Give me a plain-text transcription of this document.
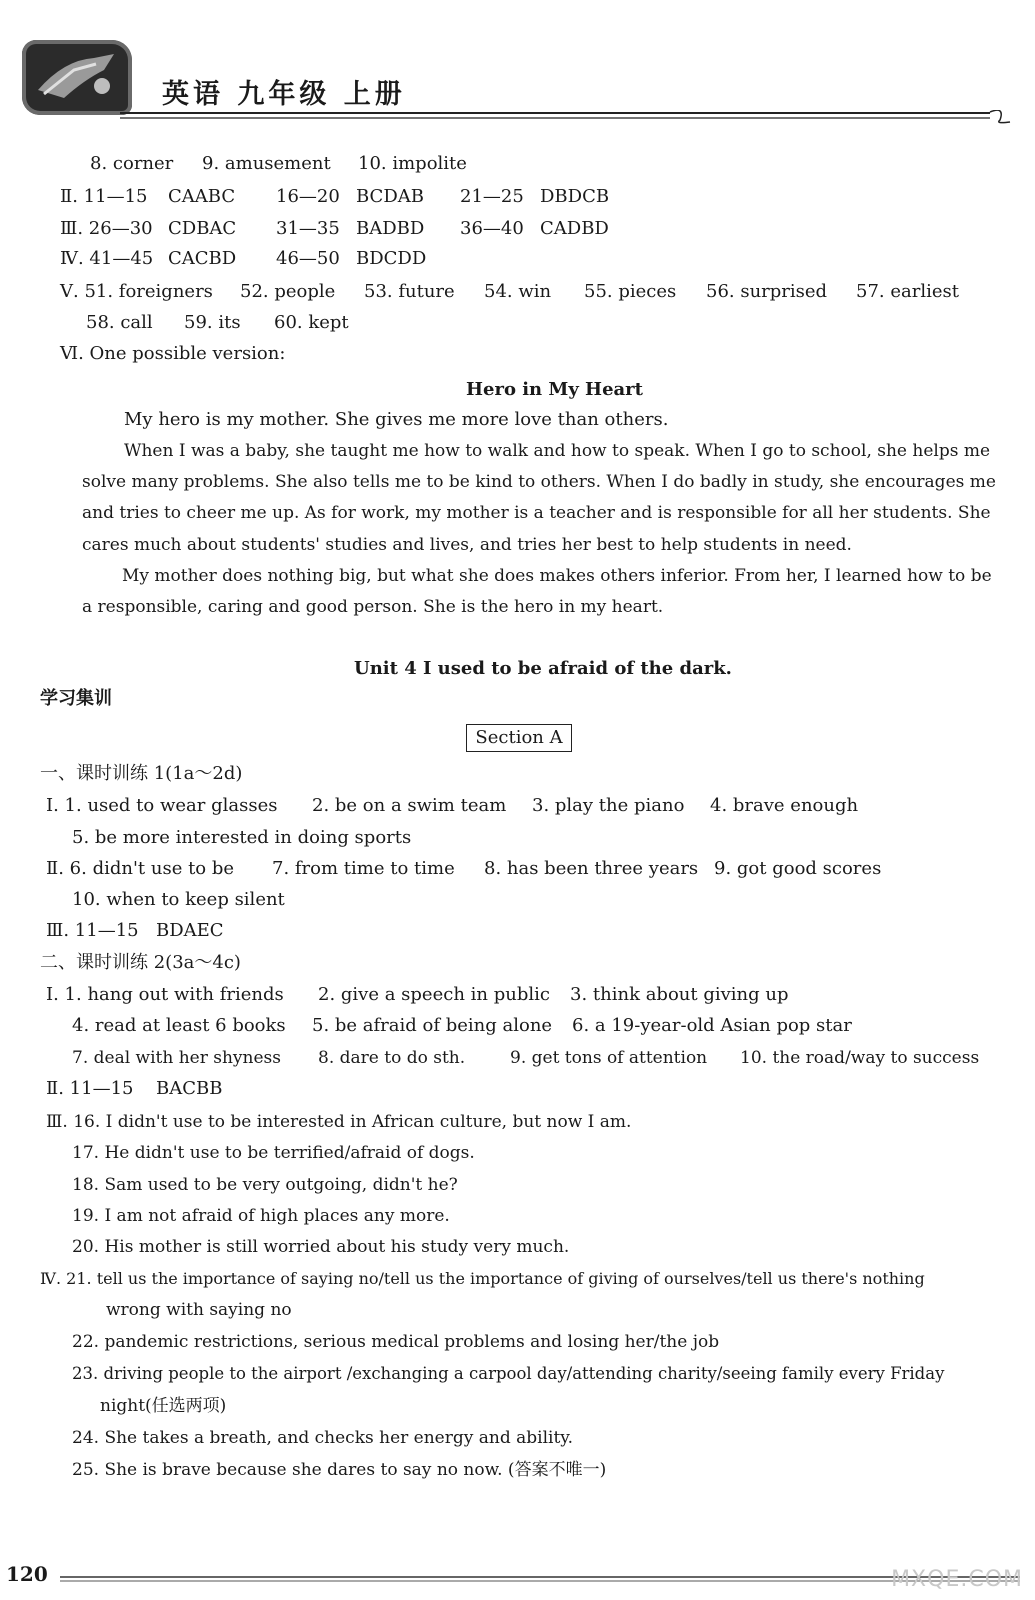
英语 九年级 上册
8. corner 9. amusement 10. impolite
Ⅱ. 11—15 CAABC 16—20 BCDAB 21—25 DBDCB
Ⅲ. 26—30 CDBAC 31—35 BADBD 36—40 CADBD
Ⅳ. 41—45 CACBD 46—50 BDCDD
Ⅴ. 51. foreigners 52. people 53. future 54. win 55. pieces 56. surprised 57. earliest
58. call 59. its 60. kept
Ⅵ. One possible version:
Hero in My Heart
My hero is my mother. She gives me more love than others.
When I was a baby, she taught me how to walk and how to speak. When I go to school, she helps me
solve many problems. She also tells me to be kind to others. When I do badly in study, she encourages me
and tries to cheer me up. As for work, my mother is a teacher and is responsible for all her students. She
cares much about students' studies and lives, and tries her best to help students in need.
My mother does nothing big, but what she does makes others inferior. From her, I learned how to be
a responsible, caring and good person. She is the hero in my heart.
Unit 4 I used to be afraid of the dark.
学习集训
Section A
一、课时训练 1(1a～2d)
Ⅰ. 1. used to wear glasses 2. be on a swim team 3. play the piano 4. brave enough
5. be more interested in doing sports
Ⅱ. 6. didn't use to be 7. from time to time 8. has been three years 9. got good scores
10. when to keep silent
Ⅲ. 11—15 BDAEC
二、课时训练 2(3a～4c)
Ⅰ. 1. hang out with friends 2. give a speech in public 3. think about giving up
4. read at least 6 books 5. be afraid of being alone 6. a 19-year-old Asian pop star
7. deal with her shyness 8. dare to do sth.	9. get tons of attention 10. the road/way to success
Ⅱ. 11—15 BACBB
Ⅲ. 16. I didn't use to be interested in African culture, but now I am.
17. He didn't use to be terrified/afraid of dogs.
18. Sam used to be very outgoing, didn't he?
19. I am not afraid of high places any more.
20. His mother is still worried about his study very much.
Ⅳ. 21. tell us the importance of saying no/tell us the importance of giving of ourselves/tell us there's nothing
wrong with saying no
22. pandemic restrictions, serious medical problems and losing her/the job
23. driving people to the airport /exchanging a carpool day/attending charity/seeing family every Friday
night(任选两项)
24. She takes a breath, and checks her energy and ability.
25. She is brave because she dares to say no now. (答案不唯一)
120	MXQE.COM
